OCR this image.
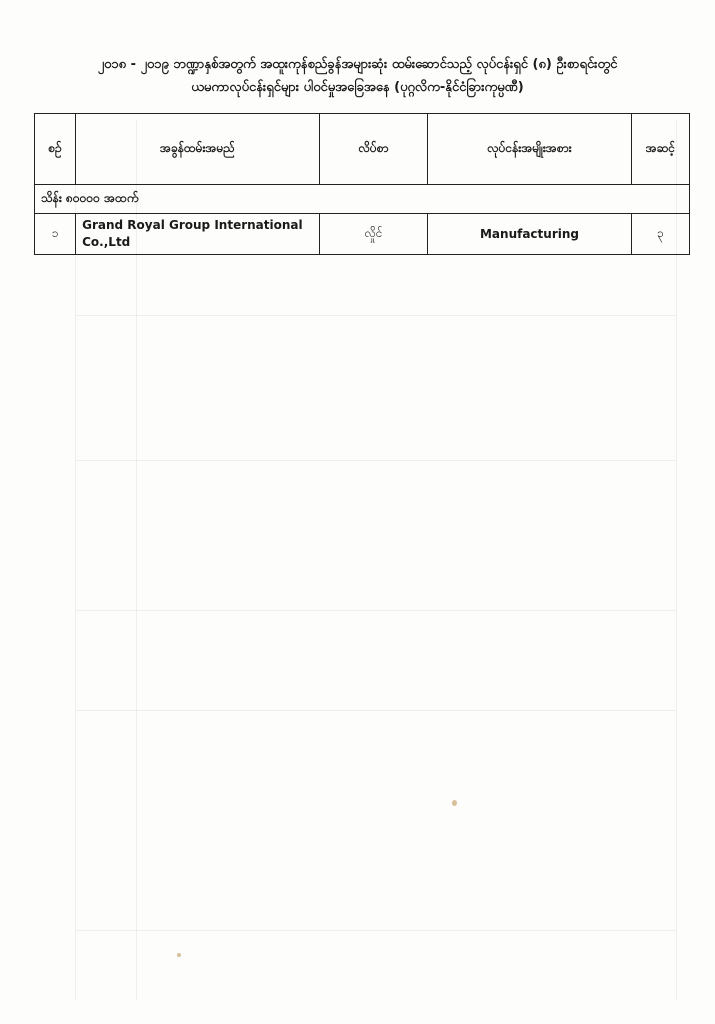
၂၀၁၈ - ၂၀၁၉ ဘဏ္ဍာနှစ်အတွက် အထူးကုန်စည်ခွန်အများဆုံး ထမ်းဆောင်သည့် လုပ်ငန်းရှင် (၈) ဦးစာရင်းတွင်
ယမကာလုပ်ငန်းရှင်များ ပါဝင်မှုအခြေအနေ (ပုဂ္ဂလိက-နိုင်ငံခြားကုမ္ပဏီ)
စဉ်	အခွန်ထမ်းအမည်	လိပ်စာ	လုပ်ငန်းအမျိုးအစား	အဆင့်
သိန်း ၈၀၀၀၀ အထက်				
၁	Grand Royal Group International
Co.,Ltd	လှိုင်	Manufacturing	၃
